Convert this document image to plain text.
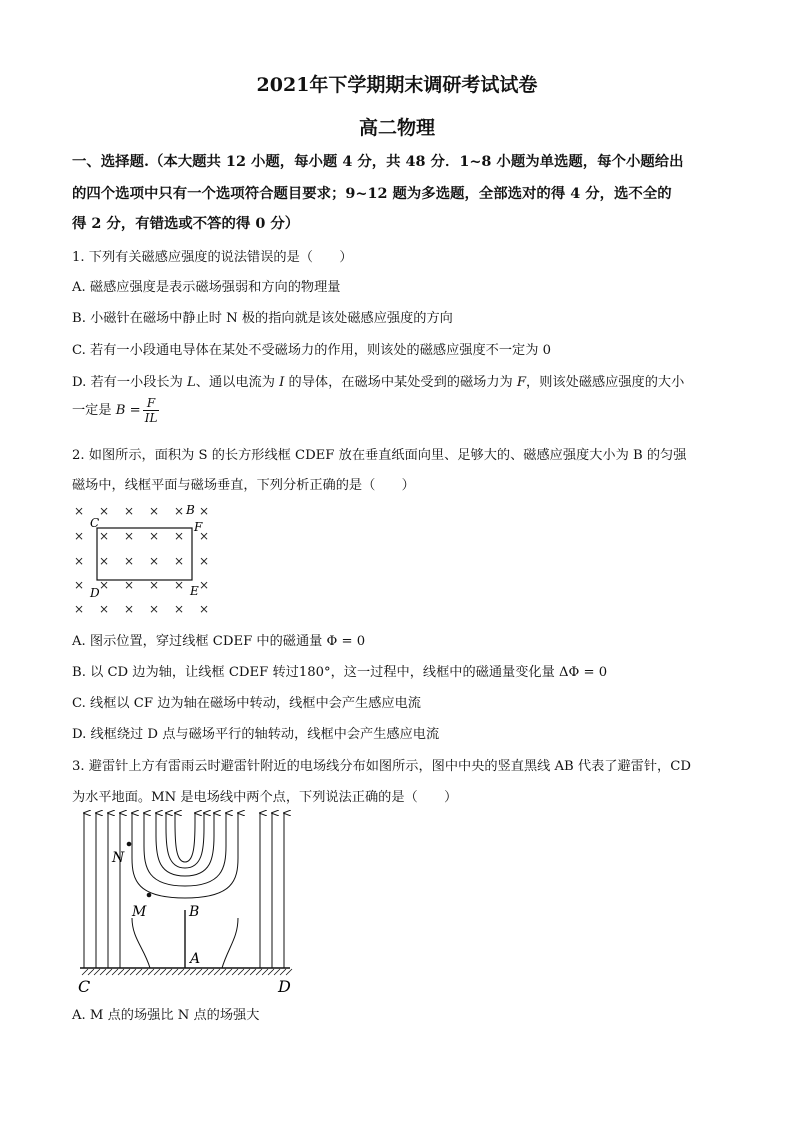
2021年下学期期末调研考试试卷
高二物理
一、选择题.（本大题共 12 小题，每小题 4 分，共 48 分．1~8 小题为单选题，每个小题给出
的四个选项中只有一个选项符合题目要求；9~12 题为多选题，全部选对的得 4 分，选不全的
得 2 分，有错选或不答的得 0 分）
1. 下列有关磁感应强度的说法错误的是（　　）
A. 磁感应强度是表示磁场强弱和方向的物理量
B. 小磁针在磁场中静止时 N 极的指向就是该处磁感应强度的方向
C. 若有一小段通电导体在某处不受磁场力的作用，则该处的磁感应强度不一定为 0
D. 若有一小段长为 L、通以电流为 I 的导体，在磁场中某处受到的磁场力为 F，则该处磁感应强度的大小
一定是 $B = \frac{F}{IL}$
2. 如图所示，面积为 S 的长方形线框 CDEF 放在垂直纸面向里、足够大的、磁感应强度大小为 B 的匀强
磁场中，线框平面与磁场垂直，下列分析正确的是（　　）
× × × ×	×
× × × × × ×
× × × × × ×
× × × × × ×
× × × × × ×
× B
C	F
D	E
A. 图示位置，穿过线框 CDEF 中的磁通量 Φ = 0
B. 以 CD 边为轴，让线框 CDEF 转过180°，这一过程中，线框中的磁通量变化量 ΔΦ = 0
C. 线框以 CF 边为轴在磁场中转动，线框中会产生感应电流
D. 线框绕过 D 点与磁场平行的轴转动，线框中会产生感应电流
3. 避雷针上方有雷雨云时避雷针附近的电场线分布如图所示，图中中央的竖直黑线 AB 代表了避雷针，CD
为水平地面。MN 是电场线中两个点，下列说法正确的是（　　）
N
M	B
A
C	D
A. M 点的场强比 N 点的场强大
